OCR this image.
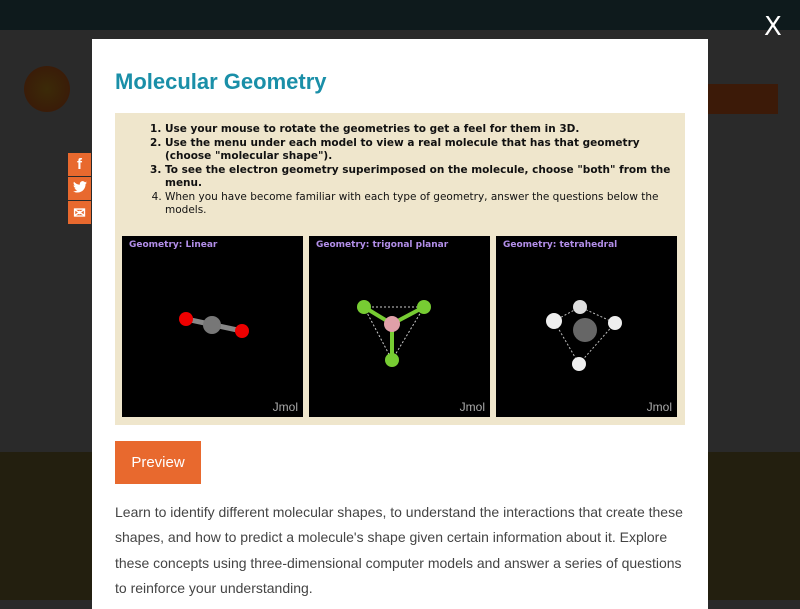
X
f
✉
Molecular Geometry
1. Use your mouse to rotate the geometries to get a feel for them in 3D.
2. Use the menu under each model to view a real molecule that has that geometry (choose "molecular shape").
3. To see the electron geometry superimposed on the molecule, choose "both" from the menu.
4. When you have become familiar with each type of geometry, answer the questions below the models.
Geometry: Linear
Jmol
Geometry: trigonal planar
Jmol
Geometry: tetrahedral
Jmol
Preview

Learn to identify different molecular shapes, to understand the interactions that create these shapes, and how to predict a molecule's shape given certain information about it. Explore these concepts using three-dimensional computer models and answer a series of questions to reinforce your understanding.
